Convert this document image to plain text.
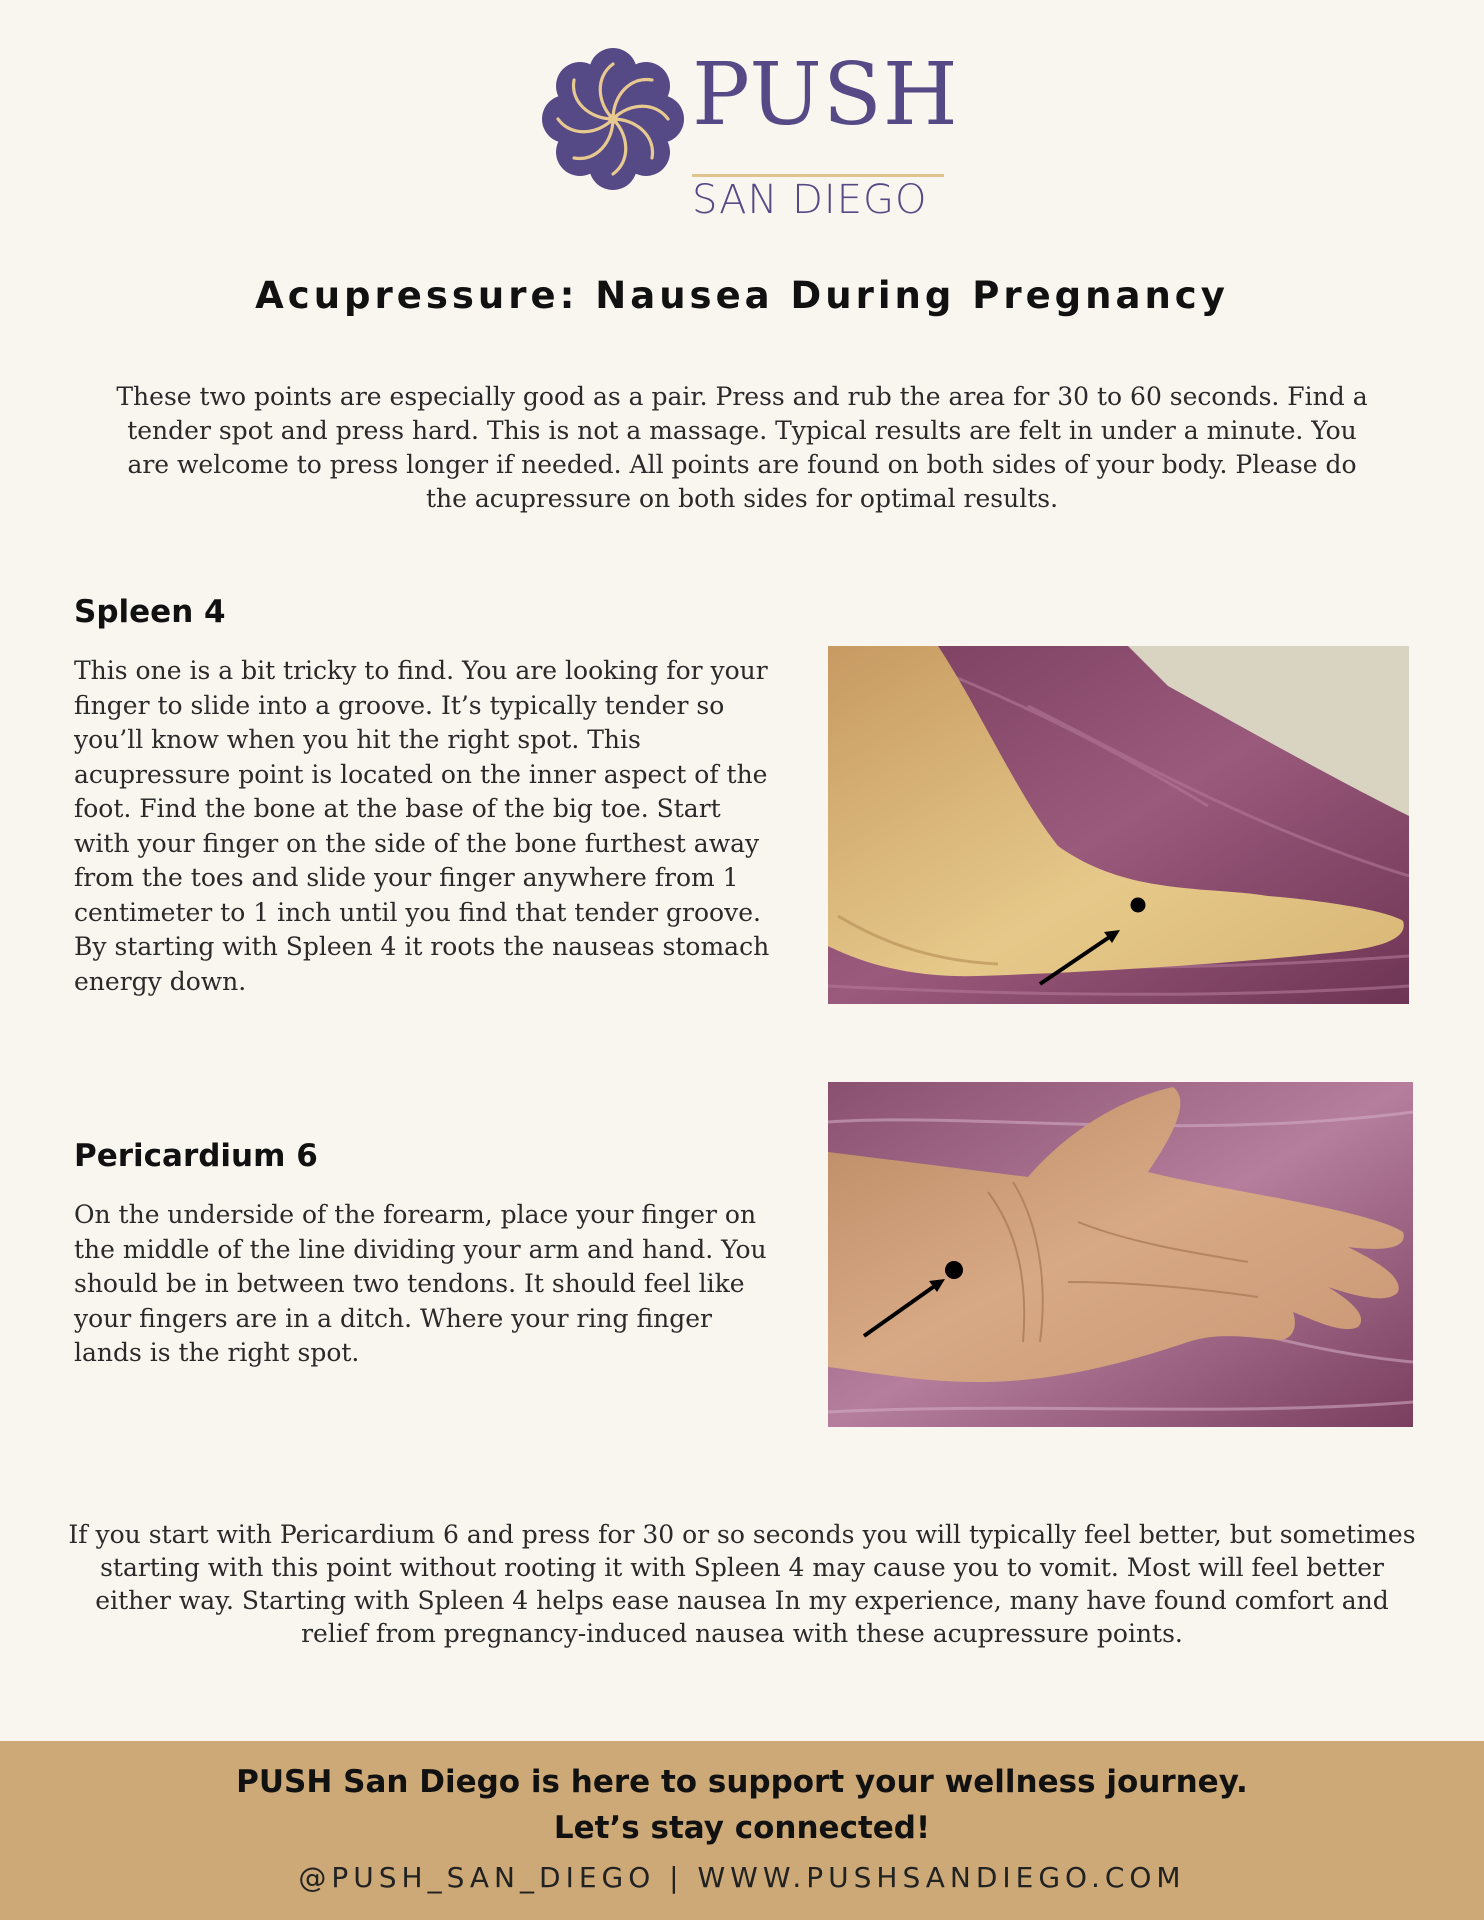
PUSH
SAN DIEGO
Acupressure: Nausea During Pregnancy

These two points are especially good as a pair. Press and rub the area for 30 to 60 seconds. Find a tender spot and press hard. This is not a massage. Typical results are felt in under a minute. You are welcome to press longer if needed. All points are found on both sides of your body. Please do the acupressure on both sides for optimal results.

Spleen 4

This one is a bit tricky to find. You are looking for your finger to slide into a groove. It’s typically tender so you’ll know when you hit the right spot. This acupressure point is located on the inner aspect of the foot. Find the bone at the base of the big toe. Start with your finger on the side of the bone furthest away from the toes and slide your finger anywhere from 1 centimeter to 1 inch until you find that tender groove. By starting with Spleen 4 it roots the nauseas stomach energy down.

Pericardium 6

On the underside of the forearm, place your finger on the middle of the line dividing your arm and hand. You should be in between two tendons. It should feel like your fingers are in a ditch. Where your ring finger lands is the right spot.

If you start with Pericardium 6 and press for 30 or so seconds you will typically feel better, but sometimes starting with this point without rooting it with Spleen 4 may cause you to vomit. Most will feel better either way. Starting with Spleen 4 helps ease nausea In my experience, many have found comfort and relief from pregnancy-induced nausea with these acupressure points.

PUSH San Diego is here to support your wellness journey.
Let’s stay connected!

@PUSH_SAN_DIEGO | WWW.PUSHSANDIEGO.COM
